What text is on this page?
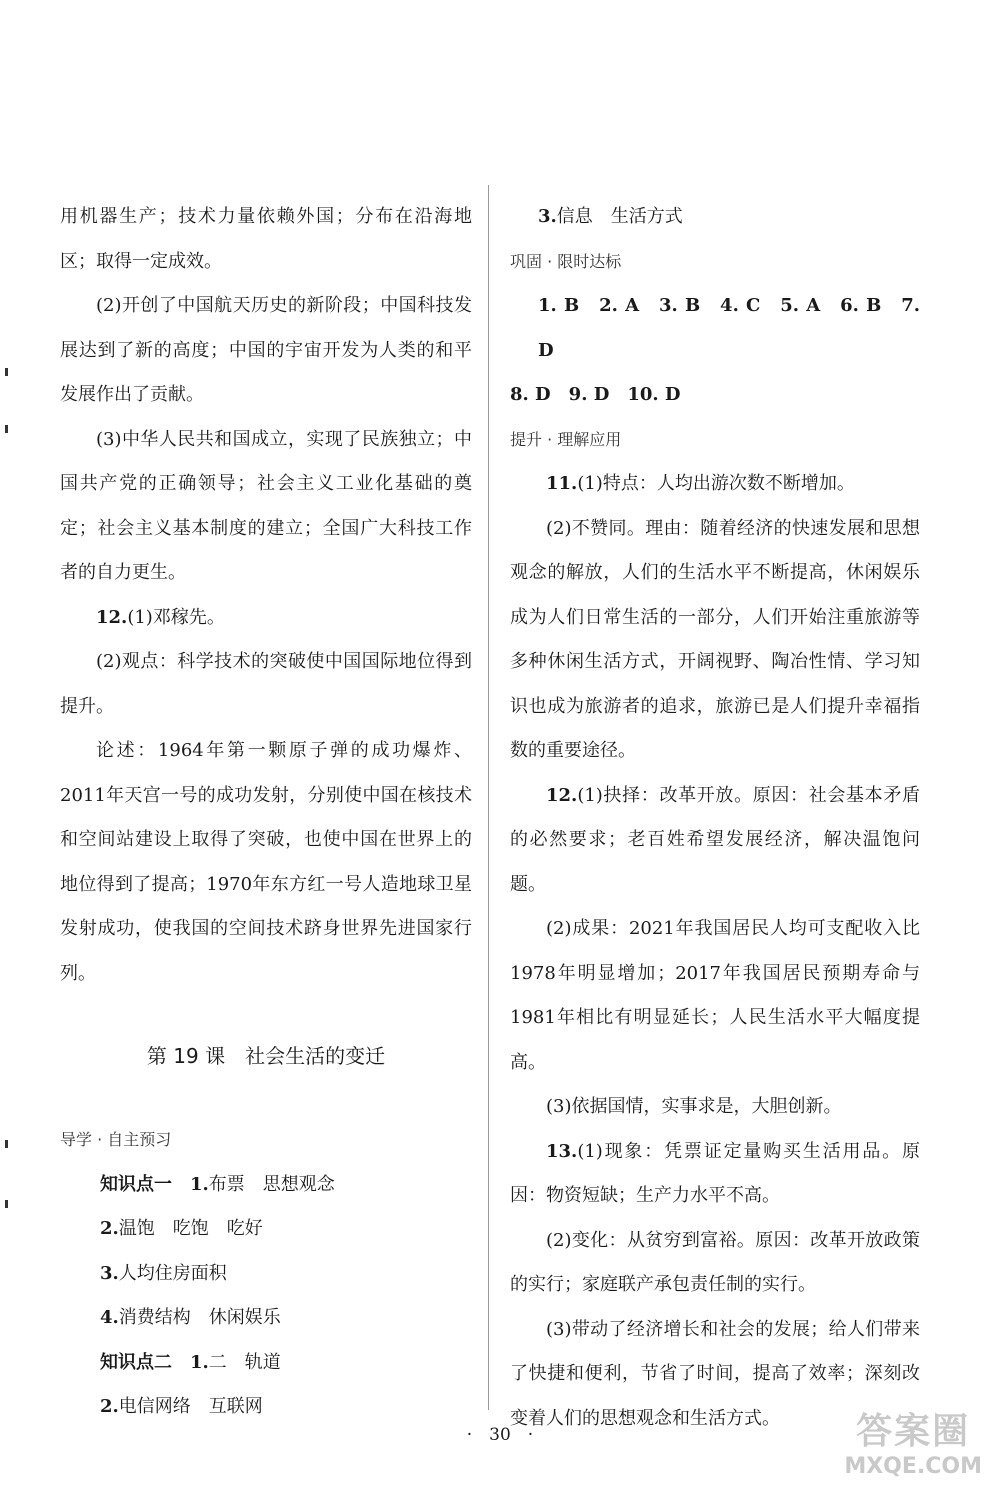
用机器生产；技术力量依赖外国；分布在沿海地区；取得一定成效。
(2)开创了中国航天历史的新阶段；中国科技发展达到了新的高度；中国的宇宙开发为人类的和平发展作出了贡献。
(3)中华人民共和国成立，实现了民族独立；中国共产党的正确领导；社会主义工业化基础的奠定；社会主义基本制度的建立；全国广大科技工作者的自力更生。
12.(1)邓稼先。
(2)观点：科学技术的突破使中国国际地位得到提升。
论述：1964年第一颗原子弹的成功爆炸、2011年天宫一号的成功发射，分别使中国在核技术和空间站建设上取得了突破，也使中国在世界上的地位得到了提高；1970年东方红一号人造地球卫星发射成功，使我国的空间技术跻身世界先进国家行列。
第 19 课　社会生活的变迁
导学 · 自主预习
知识点一　 1.布票　思想观念
2.温饱　吃饱　吃好
3.人均住房面积
4.消费结构　休闲娱乐
知识点二　 1.二　轨道
2.电信网络　互联网
3.信息　生活方式
巩固 · 限时达标
1. B　2. A　3. B　4. C　5. A　6. B　7. D
8. D　9. D　10. D
提升 · 理解应用
11.(1)特点：人均出游次数不断增加。
(2)不赞同。理由：随着经济的快速发展和思想观念的解放，人们的生活水平不断提高，休闲娱乐成为人们日常生活的一部分，人们开始注重旅游等多种休闲生活方式，开阔视野、陶冶性情、学习知识也成为旅游者的追求，旅游已是人们提升幸福指数的重要途径。
12.(1)抉择：改革开放。原因：社会基本矛盾的必然要求；老百姓希望发展经济，解决温饱问题。
(2)成果：2021年我国居民人均可支配收入比1978年明显增加；2017年我国居民预期寿命与1981年相比有明显延长；人民生活水平大幅度提高。
(3)依据国情，实事求是，大胆创新。
13.(1)现象：凭票证定量购买生活用品。原因：物资短缺；生产力水平不高。
(2)变化：从贫穷到富裕。原因：改革开放政策的实行；家庭联产承包责任制的实行。
(3)带动了经济增长和社会的发展；给人们带来了快捷和便利，节省了时间，提高了效率；深刻改变着人们的思想观念和生活方式。
·　30　·	答案圈
MXQE.COM
